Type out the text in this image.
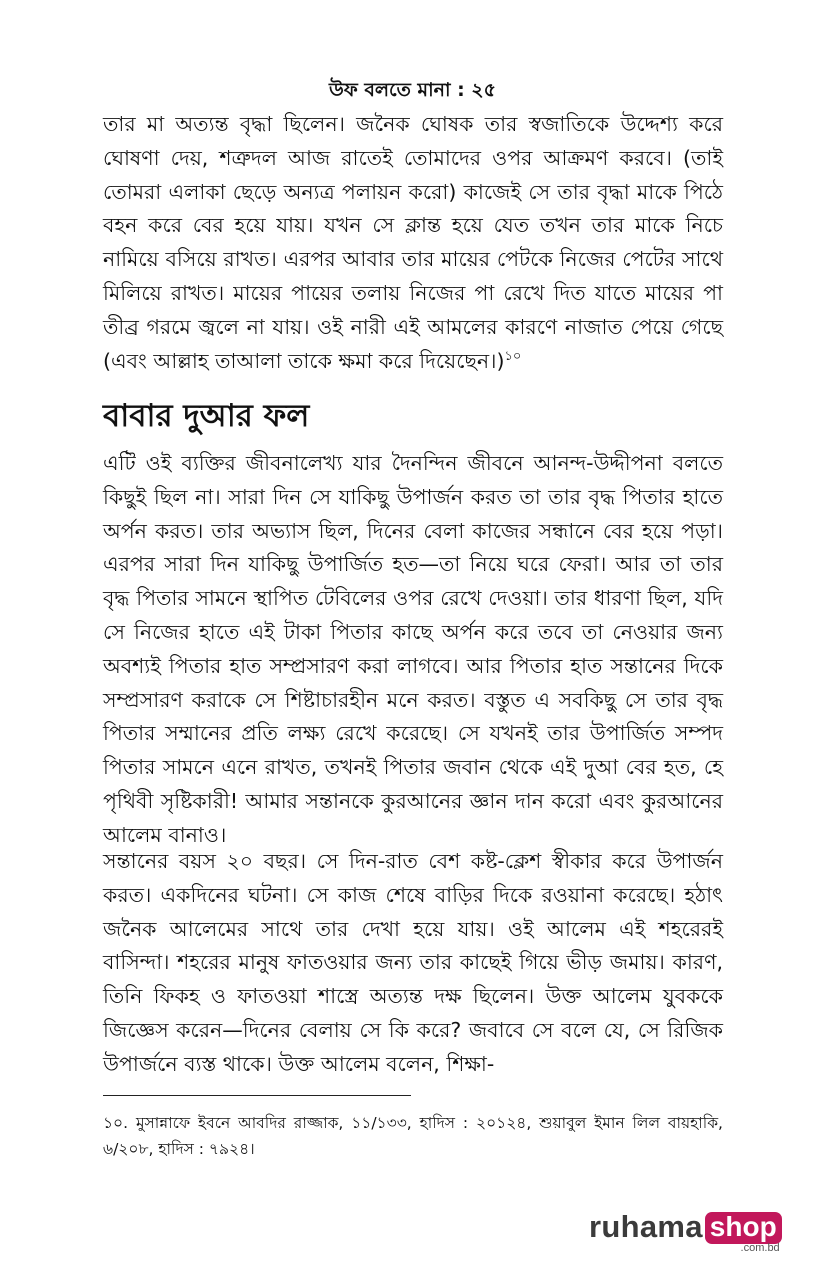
উফ বলতে মানা : ২৫

তার মা অত্যন্ত বৃদ্ধা ছিলেন। জনৈক ঘোষক তার স্বজাতিকে উদ্দেশ্য করে ঘোষণা দেয়, শত্রুদল আজ রাতেই তোমাদের ওপর আক্রমণ করবে। (তাই তোমরা এলাকা ছেড়ে অন্যত্র পলায়ন করো) কাজেই সে তার বৃদ্ধা মাকে পিঠে বহন করে বের হয়ে যায়। যখন সে ক্লান্ত হয়ে যেত তখন তার মাকে নিচে নামিয়ে বসিয়ে রাখত। এরপর আবার তার মায়ের পেটকে নিজের পেটের সাথে মিলিয়ে রাখত। মায়ের পায়ের তলায় নিজের পা রেখে দিত যাতে মায়ের পা তীব্র গরমে জ্বলে না যায়। ওই নারী এই আমলের কারণে নাজাত পেয়ে গেছে (এবং আল্লাহ তাআলা তাকে ক্ষমা করে দিয়েছেন।)$^{১০}$

বাবার দুআর ফল

এটি ওই ব্যক্তির জীবনালেখ্য যার দৈনন্দিন জীবনে আনন্দ-উদ্দীপনা বলতে কিছুই ছিল না। সারা দিন সে যাকিছু উপার্জন করত তা তার বৃদ্ধ পিতার হাতে অর্পন করত। তার অভ্যাস ছিল, দিনের বেলা কাজের সন্ধানে বের হয়ে পড়া। এরপর সারা দিন যাকিছু উপার্জিত হত—তা নিয়ে ঘরে ফেরা। আর তা তার বৃদ্ধ পিতার সামনে স্থাপিত টেবিলের ওপর রেখে দেওয়া। তার ধারণা ছিল, যদি সে নিজের হাতে এই টাকা পিতার কাছে অর্পন করে তবে তা নেওয়ার জন্য অবশ্যই পিতার হাত সম্প্রসারণ করা লাগবে। আর পিতার হাত সন্তানের দিকে সম্প্রসারণ করাকে সে শিষ্টাচারহীন মনে করত। বস্তুত এ সবকিছু সে তার বৃদ্ধ পিতার সম্মানের প্রতি লক্ষ্য রেখে করেছে। সে যখনই তার উপার্জিত সম্পদ পিতার সামনে এনে রাখত, তখনই পিতার জবান থেকে এই দুআ বের হত, হে পৃথিবী সৃষ্টিকারী! আমার সন্তানকে কুরআনের জ্ঞান দান করো এবং কুরআনের আলেম বানাও।

সন্তানের বয়স ২০ বছর। সে দিন-রাত বেশ কষ্ট-ক্লেশ স্বীকার করে উপার্জন করত। একদিনের ঘটনা। সে কাজ শেষে বাড়ির দিকে রওয়ানা করেছে। হঠাৎ জনৈক আলেমের সাথে তার দেখা হয়ে যায়। ওই আলেম এই শহরেরই বাসিন্দা। শহরের মানুষ ফাতওয়ার জন্য তার কাছেই গিয়ে ভীড় জমায়। কারণ, তিনি ফিকহ ও ফাতওয়া শাস্ত্রে অত্যন্ত দক্ষ ছিলেন। উক্ত আলেম যুবককে জিজ্ঞেস করেন—দিনের বেলায় সে কি করে? জবাবে সে বলে যে, সে রিজিক উপার্জনে ব্যস্ত থাকে। উক্ত আলেম বলেন, শিক্ষা-

১০. মুসান্নাফে ইবনে আবদির রাজ্জাক, ১১/১৩৩, হাদিস : ২০১২৪, শুয়াবুল ইমান লিল বায়হাকি, ৬/২০৮, হাদিস : ৭৯২৪।
ruhama shop
.com.bd
